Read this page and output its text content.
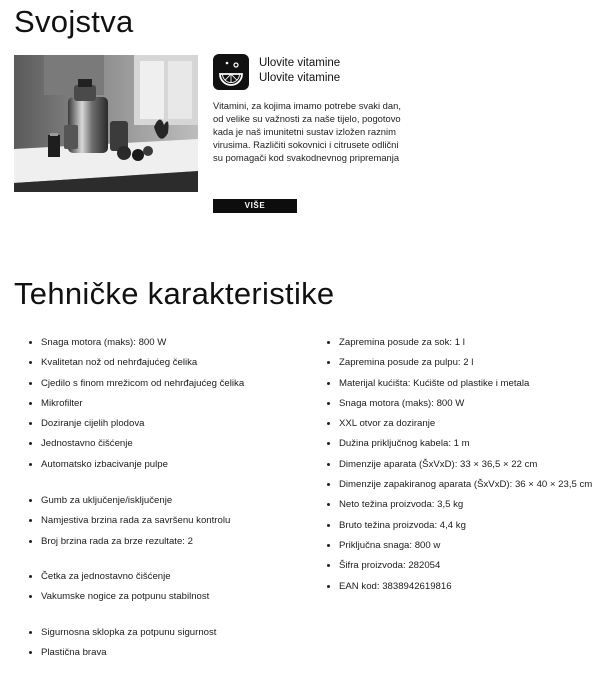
Svojstva
Ulovite vitamine
Ulovite vitamine
Vitamini, za kojima imamo potrebe svaki dan, od velike su važnosti za naše tijelo, pogotovo kada je naš imunitetni sustav izložen raznim virusima. Različiti sokovnici i citrusete odlični su pomagači kod svakodnevnog pripremanja
VIŠE
Tehničke karakteristike
Snaga motora (maks): 800 W
Kvalitetan nož od nehrđajućeg čelika
Cjedilo s finom mrežicom od nehrđajućeg čelika
Mikrofilter
Doziranje cijelih plodova
Jednostavno čišćenje
Automatsko izbacivanje pulpe
Gumb za uključenje/isključenje
Namjestiva brzina rada za savršenu kontrolu
Broj brzina rada za brze rezultate: 2
Četka za jednostavno čišćenje
Vakumske nogice za potpunu stabilnost
Sigurnosna sklopka za potpunu sigurnost
Plastična brava
Zapremina posude za sok: 1 l
Zapremina posude za pulpu: 2 l
Materijal kućišta: Kućište od plastike i metala
Snaga motora (maks): 800 W
XXL otvor za doziranje
Dužina priključnog kabela: 1 m
Dimenzije aparata (ŠxVxD): 33 × 36,5 × 22 cm
Dimenzije zapakiranog aparata (ŠxVxD): 36 × 40 × 23,5 cm
Neto težina proizvoda: 3,5 kg
Bruto težina proizvoda: 4,4 kg
Priključna snaga: 800 w
Šifra proizvoda: 282054
EAN kod: 3838942619816
